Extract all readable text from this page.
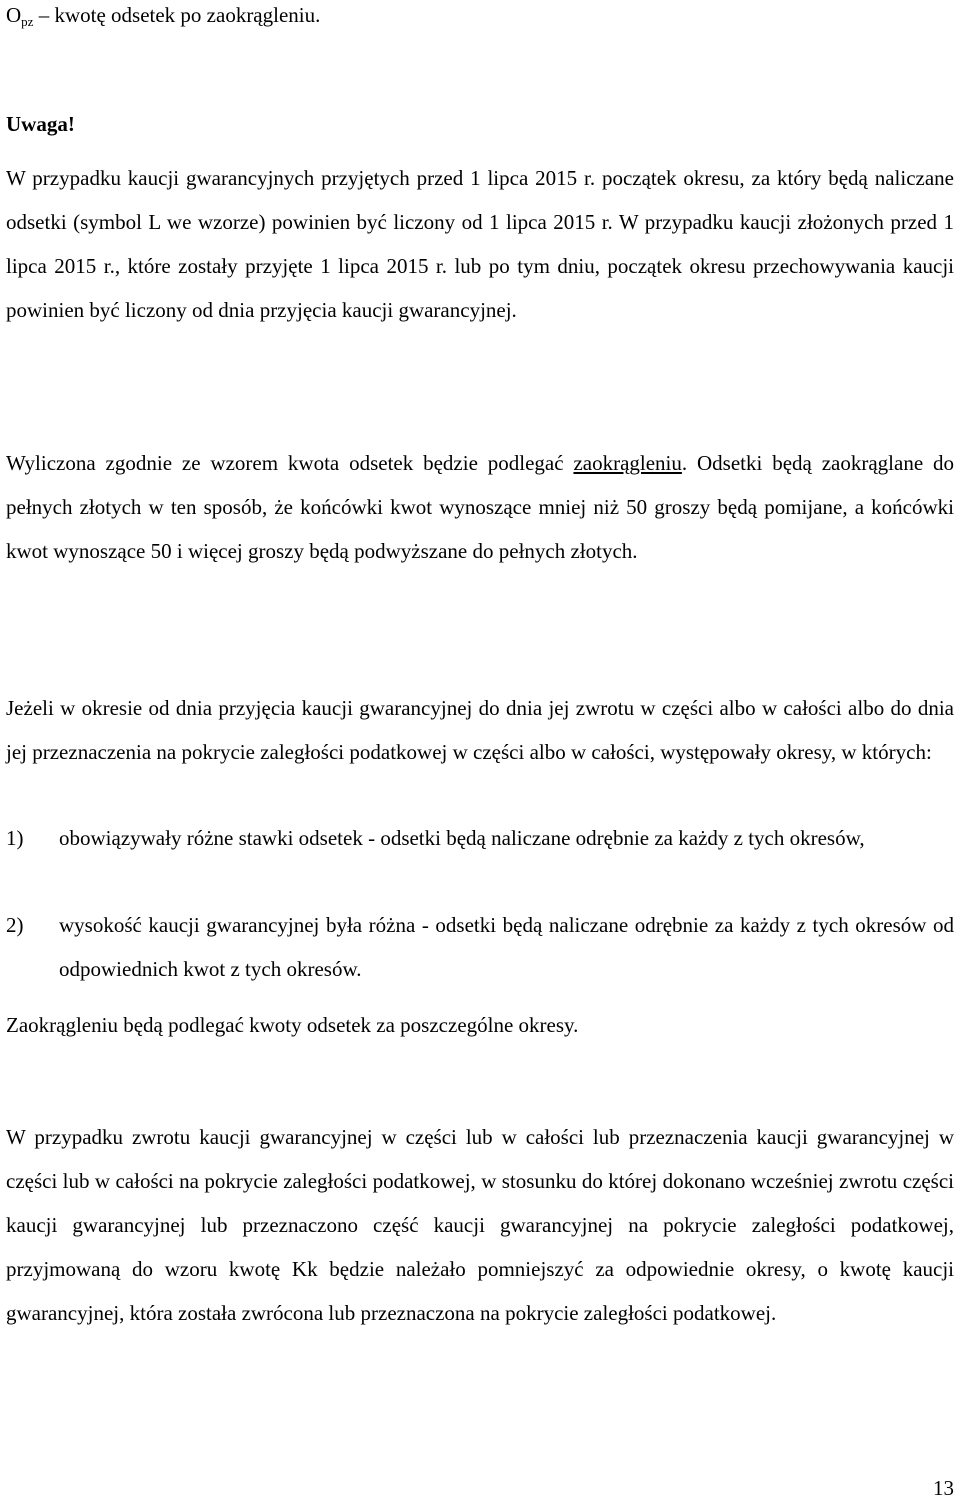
$O_{pz}$ – kwotę odsetek po zaokrągleniu.

Uwaga!

W przypadku kaucji gwarancyjnych przyjętych przed 1 lipca 2015 r. początek okresu, za który będą naliczane odsetki (symbol L we wzorze) powinien być liczony od 1 lipca 2015 r. W przypadku kaucji złożonych przed 1 lipca 2015 r., które zostały przyjęte 1 lipca 2015 r. lub po tym dniu, początek okresu przechowywania kaucji powinien być liczony od dnia przyjęcia kaucji gwarancyjnej.

Wyliczona zgodnie ze wzorem kwota odsetek będzie podlegać zaokrągleniu. Odsetki będą zaokrąglane do pełnych złotych w ten sposób, że końcówki kwot wynoszące mniej niż 50 groszy będą pomijane, a końcówki kwot wynoszące 50 i więcej groszy będą podwyższane do pełnych złotych.

Jeżeli w okresie od dnia przyjęcia kaucji gwarancyjnej do dnia jej zwrotu w części albo w całości albo do dnia jej przeznaczenia na pokrycie zaległości podatkowej w części albo w całości, występowały okresy, w których:

1) obowiązywały różne stawki odsetek - odsetki będą naliczane odrębnie za każdy z tych okresów,

2) wysokość kaucji gwarancyjnej była różna - odsetki będą naliczane odrębnie za każdy z tych okresów od odpowiednich kwot z tych okresów.

Zaokrągleniu będą podlegać kwoty odsetek za poszczególne okresy.

W przypadku zwrotu kaucji gwarancyjnej w części lub w całości lub przeznaczenia kaucji gwarancyjnej w części lub w całości na pokrycie zaległości podatkowej, w stosunku do której dokonano wcześniej zwrotu części kaucji gwarancyjnej lub przeznaczono część kaucji gwarancyjnej na pokrycie zaległości podatkowej, przyjmowaną do wzoru kwotę Kk będzie należało pomniejszyć za odpowiednie okresy, o kwotę kaucji gwarancyjnej, która została zwrócona lub przeznaczona na pokrycie zaległości podatkowej.

13
